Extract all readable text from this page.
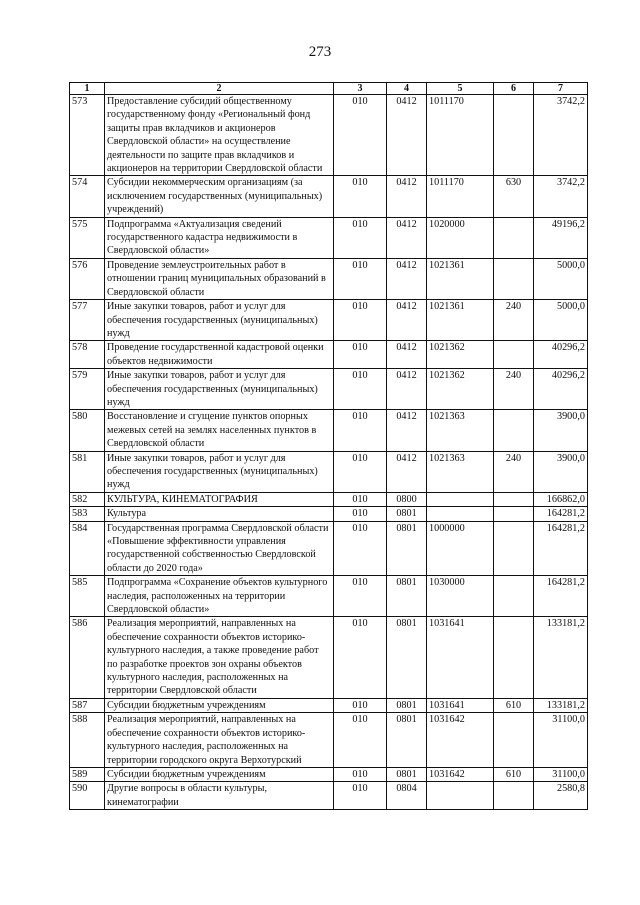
273
1	2	3	4	5	6	7
573	Предоставление субсидий общественному государственному фонду «Региональный фонд защиты прав вкладчиков и акционеров Свердловской области» на осуществление деятельности по защите прав вкладчиков и акционеров на территории Свердловской области	010	0412	1011170		3742,2
574	Субсидии некоммерческим организациям (за исключением государственных (муниципальных) учреждений)	010	0412	1011170	630	3742,2
575	Подпрограмма «Актуализация сведений государственного кадастра недвижимости в Свердловской области»	010	0412	1020000		49196,2
576	Проведение землеустроительных работ в отношении границ муниципальных образований в Свердловской области	010	0412	1021361		5000,0
577	Иные закупки товаров, работ и услуг для обеспечения государственных (муниципальных) нужд	010	0412	1021361	240	5000,0
578	Проведение государственной кадастровой оценки объектов недвижимости	010	0412	1021362		40296,2
579	Иные закупки товаров, работ и услуг для обеспечения государственных (муниципальных) нужд	010	0412	1021362	240	40296,2
580	Восстановление и сгущение пунктов опорных межевых сетей на землях населенных пунктов в Свердловской области	010	0412	1021363		3900,0
581	Иные закупки товаров, работ и услуг для обеспечения государственных (муниципальных) нужд	010	0412	1021363	240	3900,0
582	КУЛЬТУРА, КИНЕМАТОГРАФИЯ	010	0800			166862,0
583	Культура	010	0801			164281,2
584	Государственная программа Свердловской области «Повышение эффективности управления государственной собственностью Свердловской области до 2020 года»	010	0801	1000000		164281,2
585	Подпрограмма «Сохранение объектов культурного наследия, расположенных на территории Свердловской области»	010	0801	1030000		164281,2
586	Реализация мероприятий, направленных на обеспечение сохранности объектов историко-культурного наследия, а также проведение работ по разработке проектов зон охраны объектов культурного наследия, расположенных на территории Свердловской области	010	0801	1031641		133181,2
587	Субсидии бюджетным учреждениям	010	0801	1031641	610	133181,2
588	Реализация мероприятий, направленных на обеспечение сохранности объектов историко-культурного наследия, расположенных на территории городского округа Верхотурский	010	0801	1031642		31100,0
589	Субсидии бюджетным учреждениям	010	0801	1031642	610	31100,0
590	Другие вопросы в области культуры, кинематографии	010	0804			2580,8
